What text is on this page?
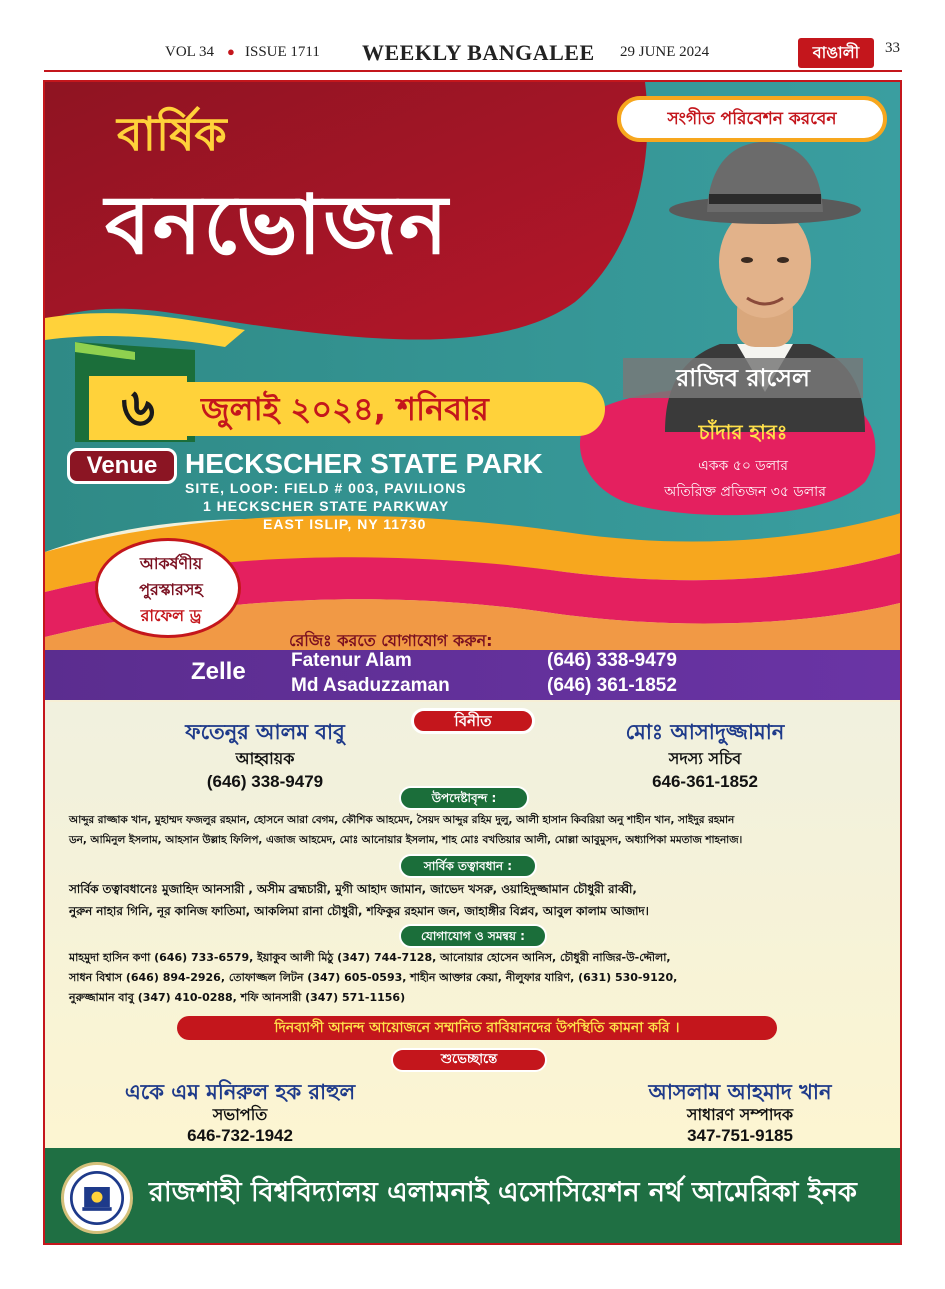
VOL 34 ● ISSUE 1711 WEEKLY BANGALEE 29 JUNE 2024	বাঙালী	33
বার্ষিক
বনভোজন
সংগীত পরিবেশন করবেন
রাজিব রাসেল
৬	জুলাই ২০২৪, শনিবার
Venue HECKSCHER STATE PARK
SITE, LOOP: FIELD # 003, PAVILIONS
1 HECKSCHER STATE PARKWAY
EAST ISLIP, NY 11730
চাঁদার হারঃ
একক ৫০ ডলার
অতিরিক্ত প্রতিজন ৩৫ ডলার
আকর্ষণীয়
পুরস্কারসহ
রাফেল ড্র
রেজিঃ করতে যোগাযোগ করুন:
Zelle Fatenur Alam	(646) 338-9479
Md Asaduzzaman	(646) 361-1852
বিনীত
ফতেনুর আলম বাবু
আহ্বায়ক
(646) 338-9479
মোঃ আসাদুজ্জামান
সদস্য সচিব
646-361-1852
উপদেষ্টাবৃন্দ :
আব্দুর রাজ্জাক খান, মুহাম্মদ ফজলুর রহমান, হোসনে আরা বেগম, কৌশিক আহমেদ, সৈয়দ আব্দুর রহিম দুলু, আলী হাসান কিবরিয়া অনু শাহীন খান, সাইদুর রহমান
ডন, আমিনুল ইসলাম, আহসান উল্লাহ ফিলিপ, এজাজ আহমেদ, মোঃ আনোয়ার ইসলাম, শাহ মোঃ বখতিয়ার আলী, মোল্লা আবুমুসদ, অধ্যাপিকা মমতাজ শাহনাজ।
সার্বিক তত্বাবধান :
সার্বিক তত্বাবধানেঃ মুজাহিদ আনসারী , অসীম ব্রহ্মচারী, মুগী আহাদ জামান, জাভেদ খসরু, ওয়াহিদুজ্জামান চৌধুরী রাব্বী,
নুরুন নাহার গিনি, নূর কানিজ ফাতিমা, আকলিমা রানা চৌধুরী, শফিকুর রহমান জন, জাহাঙ্গীর বিপ্লব, আবুল কালাম আজাদ।
যোগাযোগ ও সমন্বয় :
মাহমুদা হাসিন কণা (646) 733-6579, ইয়াকুব আলী মিঠু (347) 744-7128, আনোয়ার হোসেন আনিস, চৌধুরী নাজির-উ-দ্দৌলা,
সাধন বিশ্বাস (646) 894-2926, তোফাজ্জল লিটন (347) 605-0593, শাহীন আক্তার কেয়া, নীলুফার যারিণ, (631) 530-9120,
নুরুজ্জামান বাবু (347) 410-0288, শফি আনসারী (347) 571-1156)
দিনব্যাপী আনন্দ আয়োজনে সম্মানিত রাবিয়ানদের উপস্থিতি কামনা করি ।
শুভেচ্ছান্তে
একে এম মনিরুল হক রাহুল
সভাপতি
646-732-1942
আসলাম আহমাদ খান
সাধারণ সম্পাদক
347-751-9185
রাজশাহী বিশ্ববিদ্যালয় এলামনাই এসোসিয়েশন নর্থ আমেরিকা ইনক
